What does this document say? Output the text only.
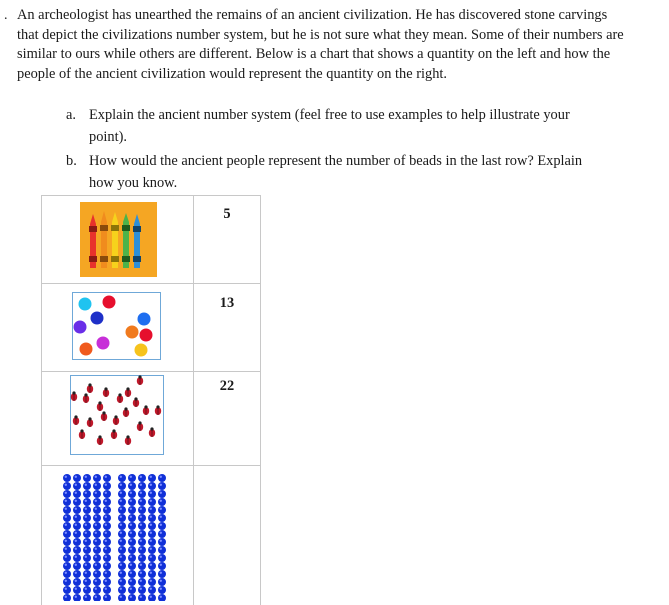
. An archeologist has unearthed the remains of an ancient civilization. He has discovered stone carvings that depict the civilizations number system, but he is not sure what they mean. Some of their numbers are similar to ours while others are different. Below is a chart that shows a quantity on the left and how the people of the ancient civilization would represent the quantity on the right.

a. Explain the ancient number system (feel free to use examples to help illustrate your point).
b. How would the ancient people represent the number of beads in the last row? Explain how you know.
5
13
22
